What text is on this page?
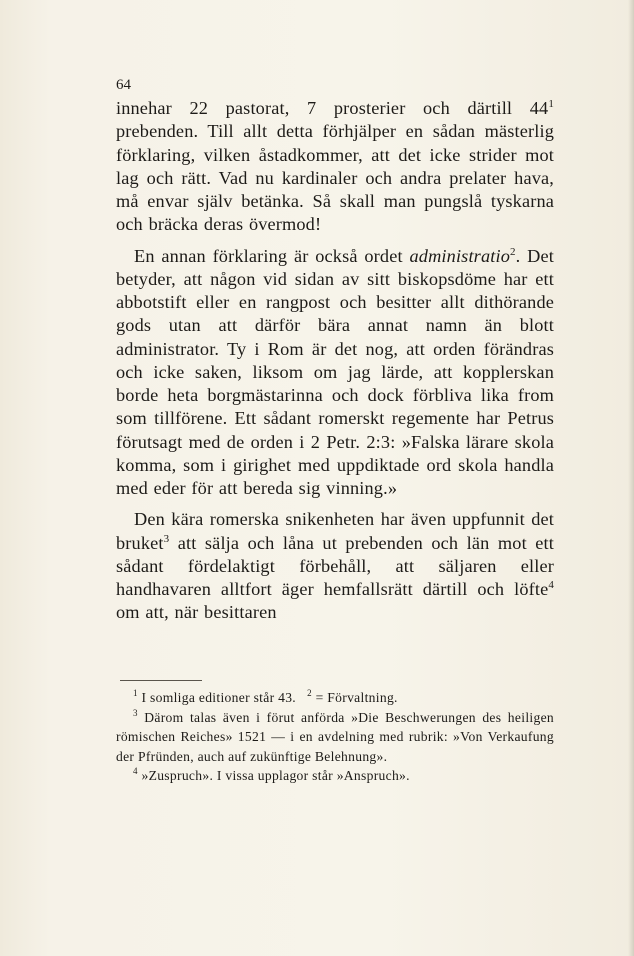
64

innehar 22 pastorat, 7 prosterier och därtill $44^1$ prebenden. Till allt detta förhjälper en sådan mästerlig förklaring, vilken åstadkommer, att det icke strider mot lag och rätt. Vad nu kardinaler och andra prelater hava, må envar själv betänka. Så skall man pungslå tyskarna och bräcka deras övermod!

En annan förklaring är också ordet administratio$^2$. Det betyder, att någon vid sidan av sitt biskopsdöme har ett abbotstift eller en rangpost och besitter allt dithörande gods utan att därför bära annat namn än blott administrator. Ty i Rom är det nog, att orden förändras och icke saken, liksom om jag lärde, att kopplerskan borde heta borgmästarinna och dock förbliva lika from som tillförene. Ett sådant romerskt regemente har Petrus förutsagt med de orden i 2 Petr. 2:3: »Falska lärare skola komma, som i girighet med uppdiktade ord skola handla med eder för att bereda sig vinning.»

Den kära romerska snikenheten har även uppfunnit det bruket$^3$ att sälja och låna ut prebenden och län mot ett sådant fördelaktigt förbehåll, att säljaren eller handhavaren alltfort äger hemfallsrätt därtill och löfte$^4$ om att, när besittaren

$^1$ I somliga editioner står 43. $^2$ = Förvaltning.

$^3$ Därom talas även i förut anförda »Die Beschwerungen des heiligen römischen Reiches» 1521 — i en avdelning med rubrik: »Von Verkaufung der Pfründen, auch auf zukünftige Belehnung».

$^4$ »Zuspruch». I vissa upplagor står »Anspruch».
